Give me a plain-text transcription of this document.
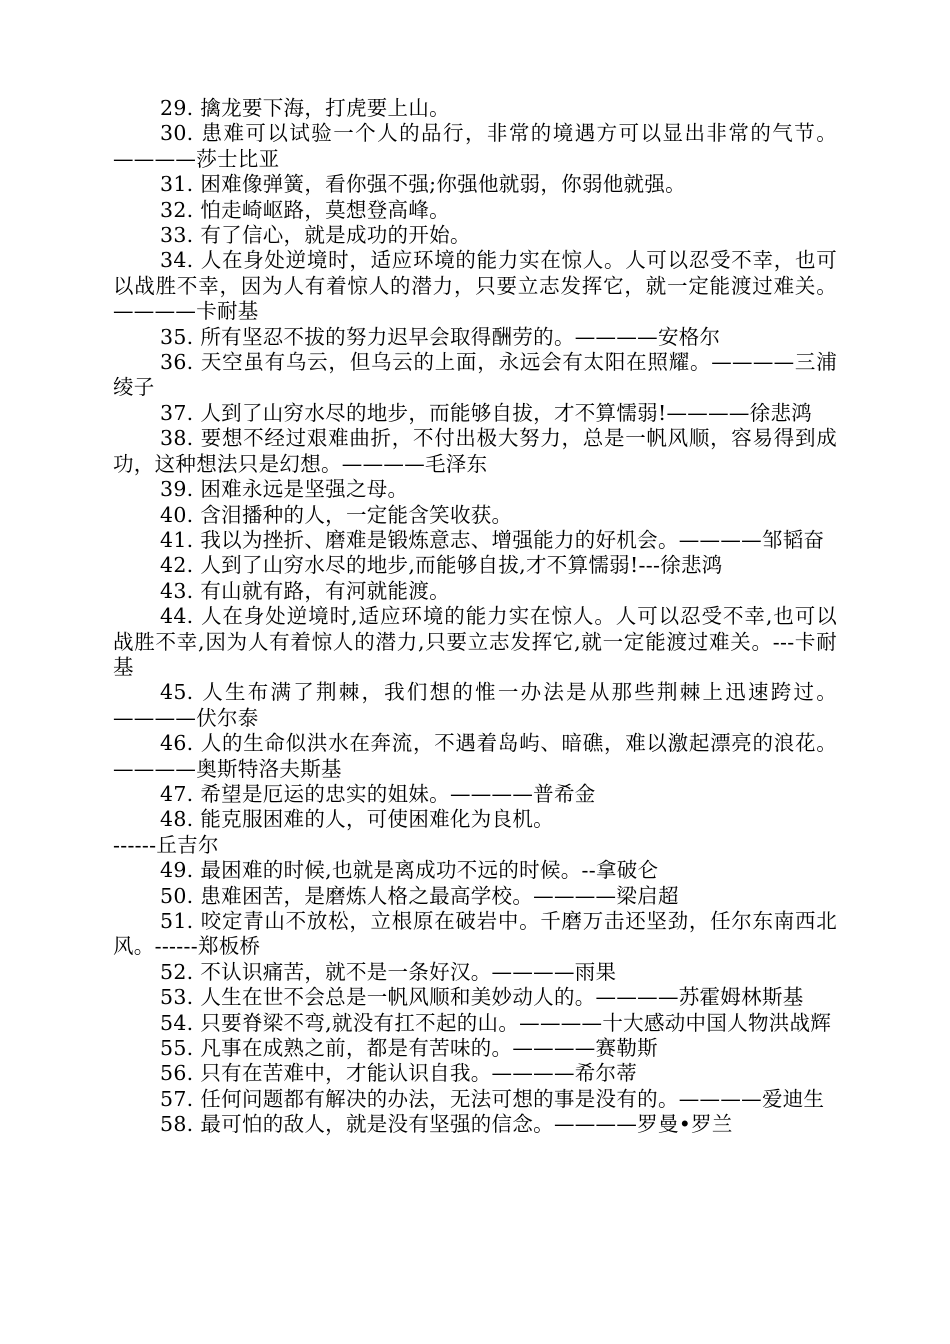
29. 擒龙要下海，打虎要上山。

30. 患难可以试验一个人的品行，非常的境遇方可以显出非常的气节。————莎士比亚

31. 困难像弹簧，看你强不强;你强他就弱，你弱他就强。

32. 怕走崎岖路，莫想登高峰。

33. 有了信心，就是成功的开始。

34. 人在身处逆境时，适应环境的能力实在惊人。人可以忍受不幸，也可以战胜不幸，因为人有着惊人的潜力，只要立志发挥它，就一定能渡过难关。————卡耐基

35. 所有坚忍不拔的努力迟早会取得酬劳的。————安格尔

36. 天空虽有乌云，但乌云的上面，永远会有太阳在照耀。————三浦绫子

37. 人到了山穷水尽的地步，而能够自拔，才不算懦弱!————徐悲鸿

38. 要想不经过艰难曲折，不付出极大努力，总是一帆风顺，容易得到成功，这种想法只是幻想。————毛泽东

39. 困难永远是坚强之母。

40. 含泪播种的人，一定能含笑收获。

41. 我以为挫折、磨难是锻炼意志、增强能力的好机会。————邹韬奋

42. 人到了山穷水尽的地步,而能够自拔,才不算懦弱!---徐悲鸿

43. 有山就有路，有河就能渡。

44. 人在身处逆境时,适应环境的能力实在惊人。人可以忍受不幸,也可以战胜不幸,因为人有着惊人的潜力,只要立志发挥它,就一定能渡过难关。---卡耐基

45. 人生布满了荆棘，我们想的惟一办法是从那些荆棘上迅速跨过。————伏尔泰

46. 人的生命似洪水在奔流，不遇着岛屿、暗礁，难以激起漂亮的浪花。————奥斯特洛夫斯基

47. 希望是厄运的忠实的姐妹。————普希金

48. 能克服困难的人，可使困难化为良机。

------丘吉尔

49. 最困难的时候,也就是离成功不远的时候。--拿破仑

50. 患难困苦，是磨炼人格之最高学校。————梁启超

51. 咬定青山不放松，立根原在破岩中。千磨万击还坚劲，任尔东南西北风。------郑板桥

52. 不认识痛苦，就不是一条好汉。————雨果

53. 人生在世不会总是一帆风顺和美妙动人的。————苏霍姆林斯基

54. 只要脊梁不弯,就没有扛不起的山。————十大感动中国人物洪战辉

55. 凡事在成熟之前，都是有苦味的。————赛勒斯

56. 只有在苦难中，才能认识自我。————希尔蒂

57. 任何问题都有解决的办法，无法可想的事是没有的。————爱迪生

58. 最可怕的敌人，就是没有坚强的信念。————罗曼•罗兰
